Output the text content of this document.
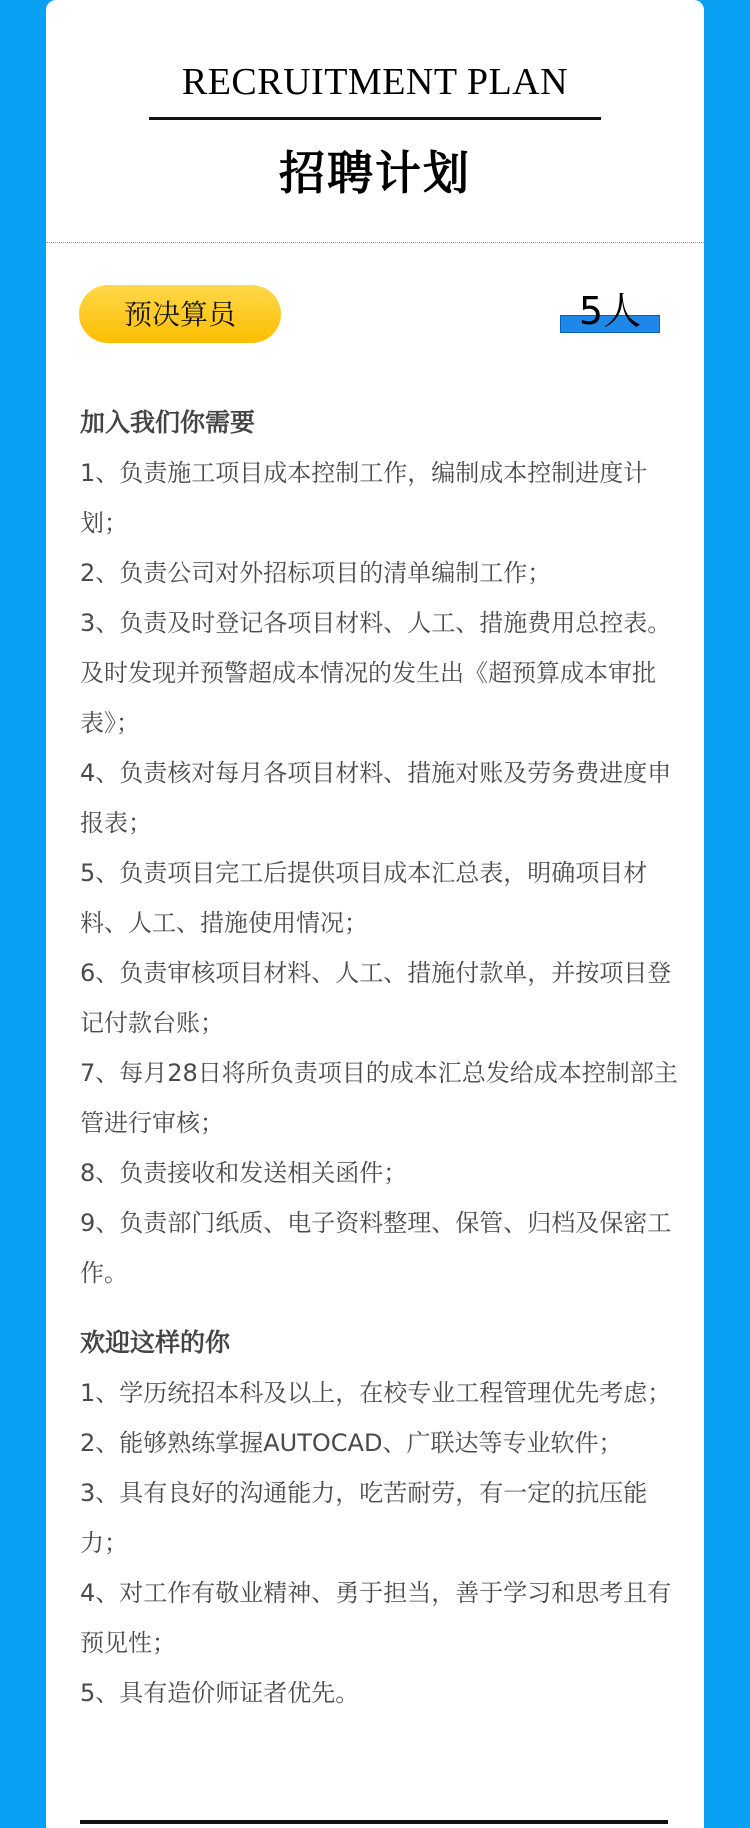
RECRUITMENT PLAN
招聘计划
预决算员	5人

加入我们你需要

1、负责施工项目成本控制工作，编制成本控制进度计划；

2、负责公司对外招标项目的清单编制工作；

3、负责及时登记各项目材料、人工、措施费用总控表。及时发现并预警超成本情况的发生出《超预算成本审批表》；

4、负责核对每月各项目材料、措施对账及劳务费进度申报表；

5、负责项目完工后提供项目成本汇总表，明确项目材料、人工、措施使用情况；

6、负责审核项目材料、人工、措施付款单，并按项目登记付款台账；

7、每月28日将所负责项目的成本汇总发给成本控制部主管进行审核；

8、负责接收和发送相关函件；

9、负责部门纸质、电子资料整理、保管、归档及保密工作。

欢迎这样的你

1、学历统招本科及以上，在校专业工程管理优先考虑；

2、能够熟练掌握AUTOCAD、广联达等专业软件；

3、具有良好的沟通能力，吃苦耐劳，有一定的抗压能力；

4、对工作有敬业精神、勇于担当，善于学习和思考且有预见性；

5、具有造价师证者优先。
